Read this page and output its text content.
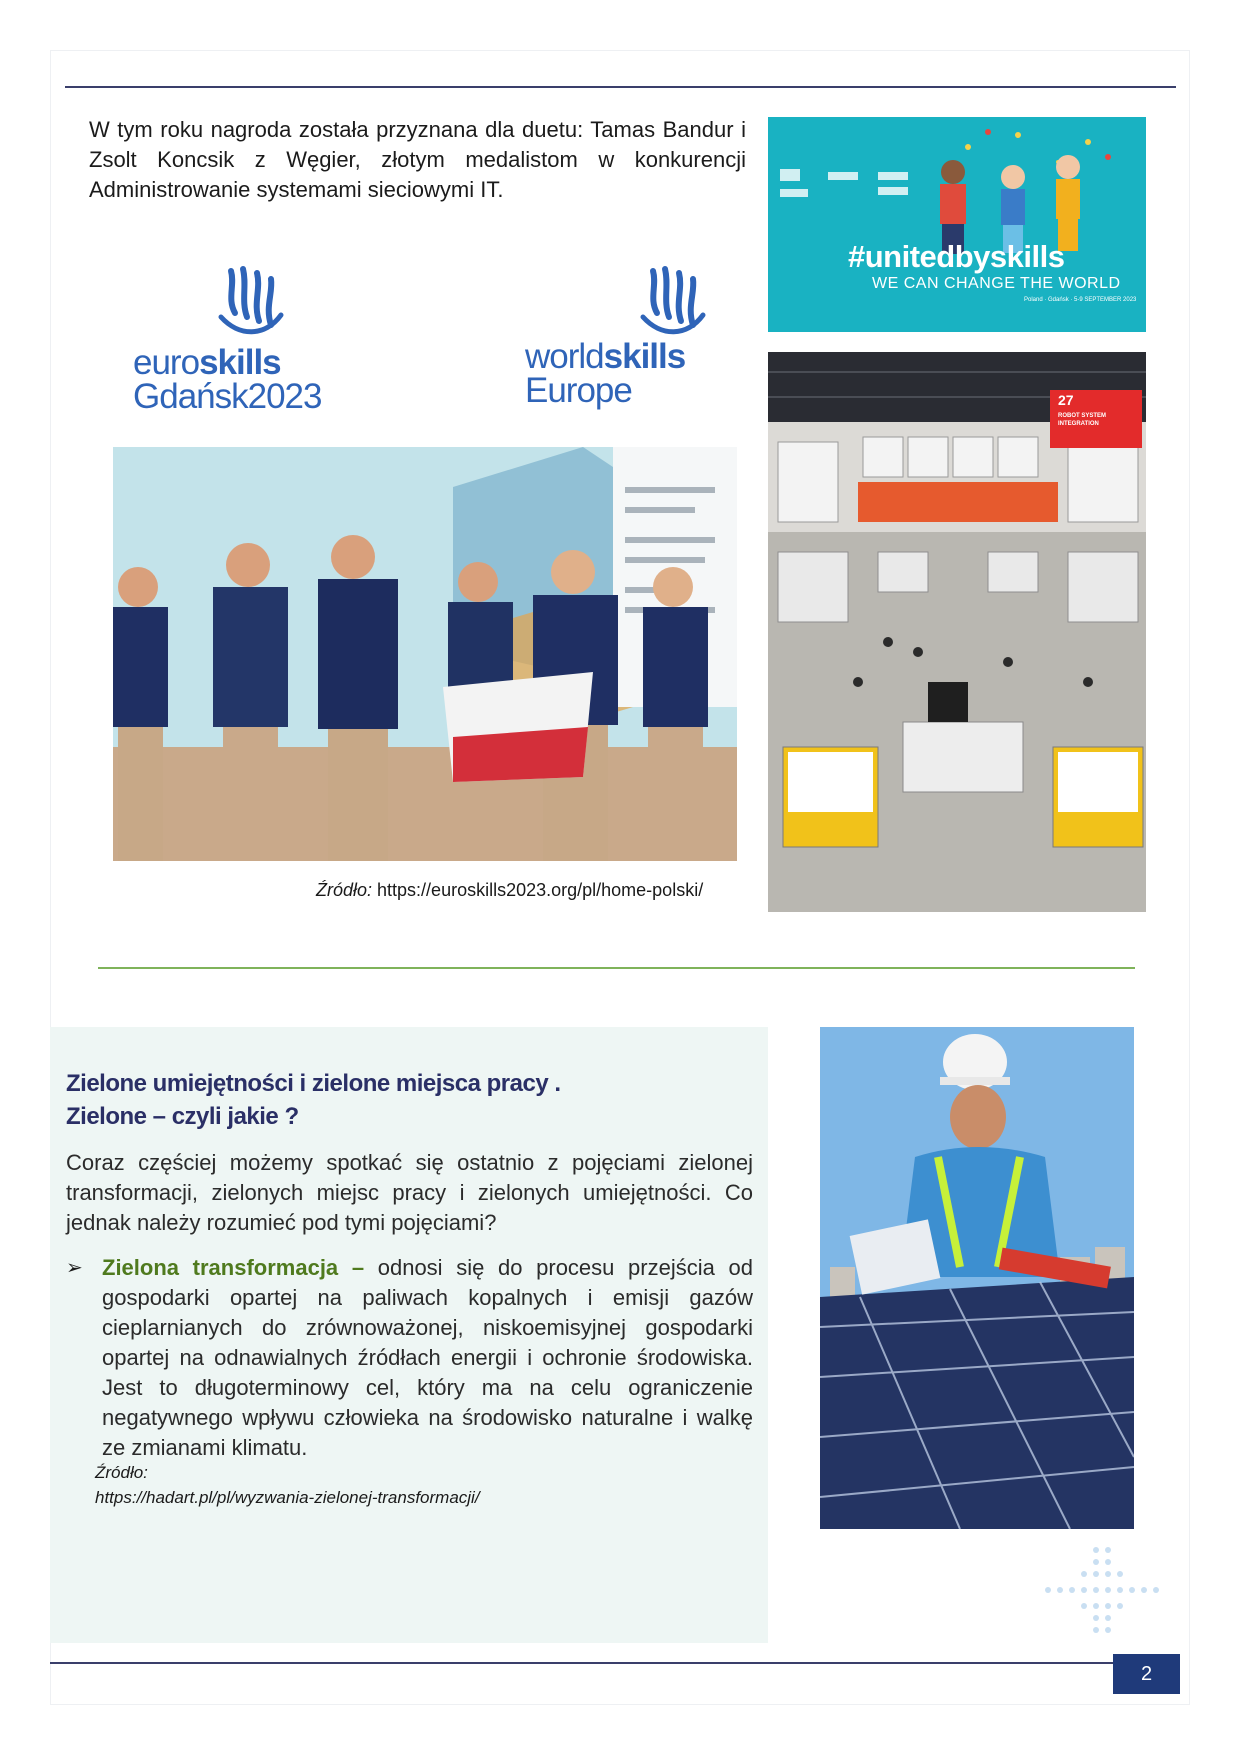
W tym roku nagroda została przyznana dla duetu: Tamas Bandur i Zsolt Koncsik z Węgier, złotym medalistom w konkurencji Administrowanie systemami sieciowymi IT.

euroskills
Gdańsk2023
worldskills
Europe
#unitedbyskills
WE CAN CHANGE THE WORLD
Poland · Gdańsk · 5-9 SEPTEMBER 2023
27
ROBOT SYSTEM INTEGRATION
Źródło: https://euroskills2023.org/pl/home-polski/
Zielone umiejętności i zielone miejsca pracy .
Zielone – czyli jakie ?

Coraz częściej możemy spotkać się ostatnio z pojęciami zielonej transformacji, zielonych miejsc pracy i zielonych umiejętności. Co jednak należy rozumieć pod tymi pojęciami?

➢ Zielona transformacja – odnosi się do procesu przejścia od gospodarki opartej na paliwach kopalnych i emisji gazów cieplarnianych do zrównoważonej, niskoemisyjnej gospodarki opartej na odnawialnych źródłach energii i ochronie środowiska. Jest to długoterminowy cel, który ma na celu ograniczenie negatywnego wpływu człowieka na środowisko naturalne i walkę ze zmianami klimatu.
Źródło:
https://hadart.pl/pl/wyzwania-zielonej-transformacji/
2
